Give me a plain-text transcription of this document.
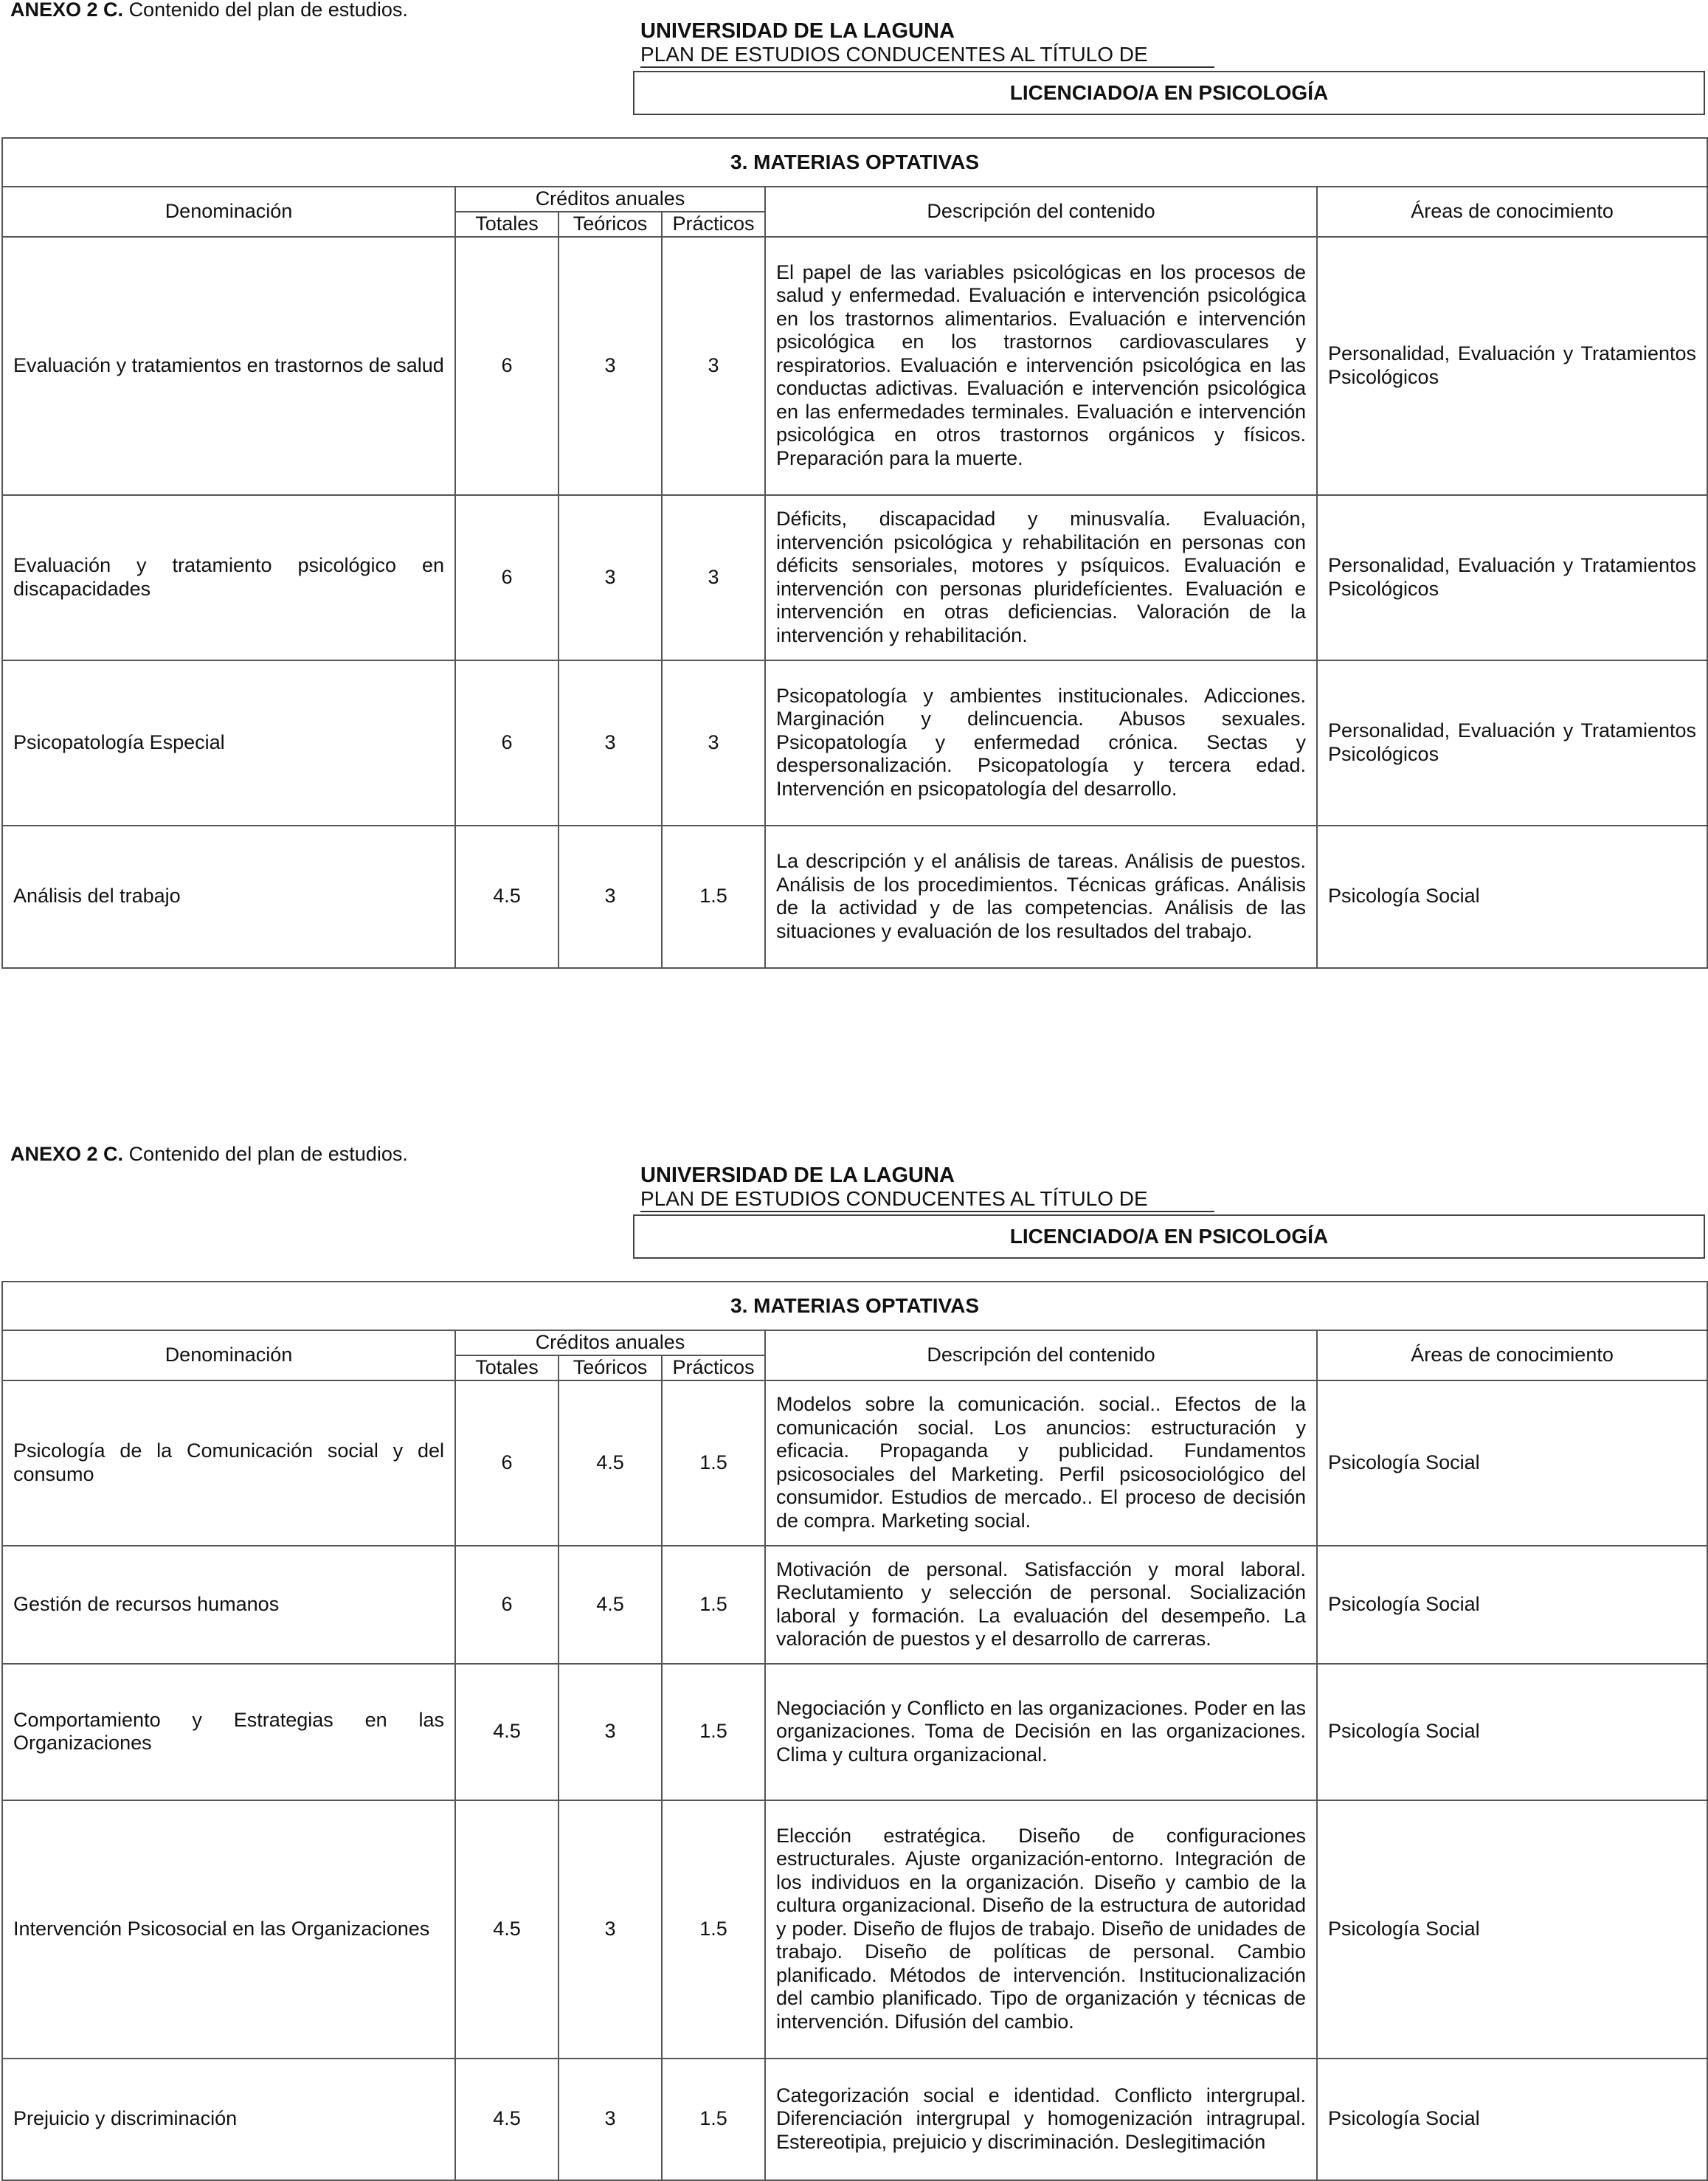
ANEXO 2 C. Contenido del plan de estudios.
UNIVERSIDAD DE LA LAGUNA
PLAN DE ESTUDIOS CONDUCENTES AL TÍTULO DE
LICENCIADO/A EN PSICOLOGÍA
3. MATERIAS OPTATIVAS					
Denominación	Créditos anuales			Descripción del contenido	Áreas de conocimiento
	Totales	Teóricos	Prácticos		
Evaluación y tratamientos en trastornos de salud	6	3	3	El papel de las variables psicológicas en los procesos de salud y enfermedad. Evaluación e intervención psicológica en los trastornos alimentarios. Evaluación e intervención psicológica en los trastornos cardiovasculares y respiratorios. Evaluación e intervención psicológica en las conductas adictivas. Evaluación e intervención psicológica en las enfermedades terminales. Evaluación e intervención psicológica en otros trastornos orgánicos y físicos. Preparación para la muerte.	Personalidad, Evaluación y Tratamientos Psicológicos
Evaluación y tratamiento psicológico en discapacidades	6	3	3	Déficits, discapacidad y minusvalía. Evaluación, intervención psicológica y rehabilitación en personas con déficits sensoriales, motores y psíquicos. Evaluación e intervención con personas pluridefícientes. Evaluación e intervención en otras deficiencias. Valoración de la intervención y rehabilitación.	Personalidad, Evaluación y Tratamientos Psicológicos
Psicopatología Especial	6	3	3	Psicopatología y ambientes institucionales. Adicciones. Marginación y delincuencia. Abusos sexuales. Psicopatología y enfermedad crónica. Sectas y despersonalización. Psicopatología y tercera edad. Intervención en psicopatología del desarrollo.	Personalidad, Evaluación y Tratamientos Psicológicos
Análisis del trabajo	4.5	3	1.5	La descripción y el análisis de tareas. Análisis de puestos. Análisis de los procedimientos. Técnicas gráficas. Análisis de la actividad y de las competencias. Análisis de las situaciones y evaluación de los resultados del trabajo.	Psicología Social
ANEXO 2 C. Contenido del plan de estudios.
UNIVERSIDAD DE LA LAGUNA
PLAN DE ESTUDIOS CONDUCENTES AL TÍTULO DE
LICENCIADO/A EN PSICOLOGÍA
3. MATERIAS OPTATIVAS					
Denominación	Créditos anuales			Descripción del contenido	Áreas de conocimiento
	Totales	Teóricos	Prácticos		
Psicología de la Comunicación social y del consumo	6	4.5	1.5	Modelos sobre la comunicación. social.. Efectos de la comunicación social. Los anuncios: estructuración y eficacia. Propaganda y publicidad. Fundamentos psicosociales del Marketing. Perfil psicosociológico del consumidor. Estudios de mercado.. El proceso de decisión de compra. Marketing social.	Psicología Social
Gestión de recursos humanos	6	4.5	1.5	Motivación de personal. Satisfacción y moral laboral. Reclutamiento y selección de personal. Socialización laboral y formación. La evaluación del desempeño. La valoración de puestos y el desarrollo de carreras.	Psicología Social
Comportamiento y Estrategias en las Organizaciones	4.5	3	1.5	Negociación y Conflicto en las organizaciones. Poder en las organizaciones. Toma de Decisión en las organizaciones. Clima y cultura organizacional.	Psicología Social
Intervención Psicosocial en las Organizaciones	4.5	3	1.5	Elección estratégica. Diseño de configuraciones estructurales. Ajuste organización-entorno. Integración de los individuos en la organización. Diseño y cambio de la cultura organizacional. Diseño de la estructura de autoridad y poder. Diseño de flujos de trabajo. Diseño de unidades de trabajo. Diseño de políticas de personal. Cambio planificado. Métodos de intervención. Institucionalización del cambio planificado. Tipo de organización y técnicas de intervención. Difusión del cambio.	Psicología Social
Prejuicio y discriminación	4.5	3	1.5	Categorización social e identidad. Conflicto intergrupal. Diferenciación intergrupal y homogenización intragrupal. Estereotipia, prejuicio y discriminación. Deslegitimación	Psicología Social
